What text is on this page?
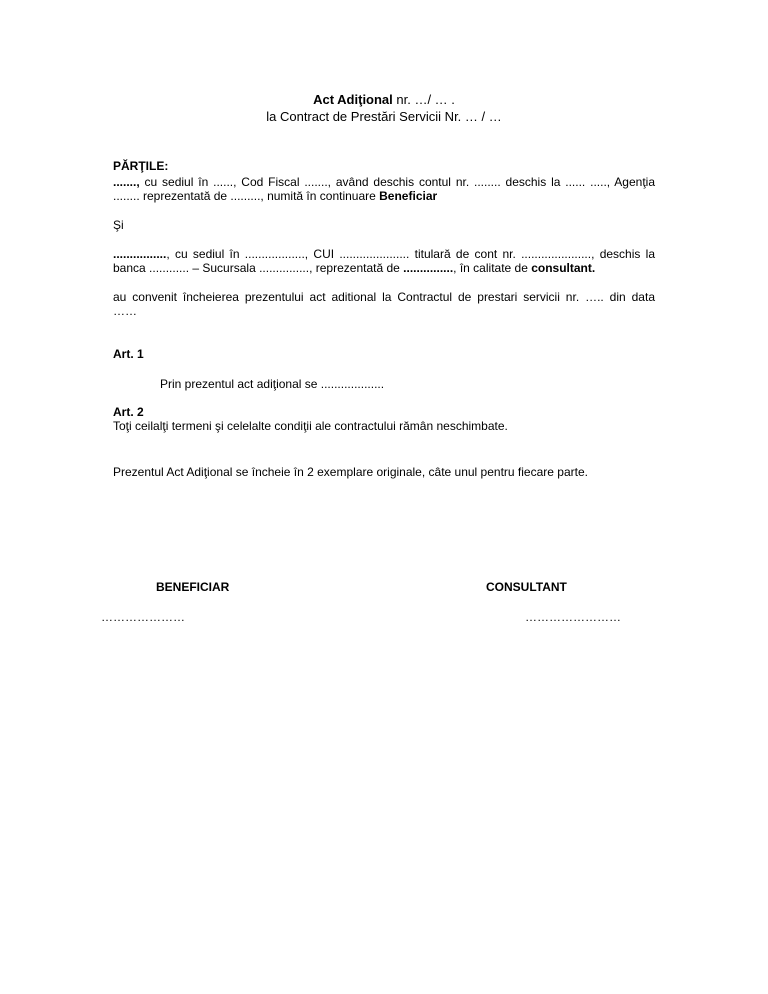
Act Adiţional nr. …/ … .
la Contract de Prestări Servicii Nr. … / …
PĂRŢILE:
......., cu sediul în ......, Cod Fiscal ......., având deschis contul nr. ........ deschis la ...... ....., Agenţia
........ reprezentată de ........., numită în continuare Beneficiar
Şi
................, cu sediul în .................., CUI ..................... titulară de cont nr. ....................., deschis la
banca ............ – Sucursala ..............., reprezentată de ..............., în calitate de consultant.
au convenit încheierea prezentului act aditional la Contractul de prestari servicii nr. ….. din data
……
Art. 1
Prin prezentul act adiţional se ...................
Art. 2
Toţi ceilalţi termeni şi celelalte condiţii ale contractului rămân neschimbate.
Prezentul Act Adiţional se încheie în 2 exemplare originale, câte unul pentru fiecare parte.
BENEFICIAR
…………………
CONSULTANT
……………………
